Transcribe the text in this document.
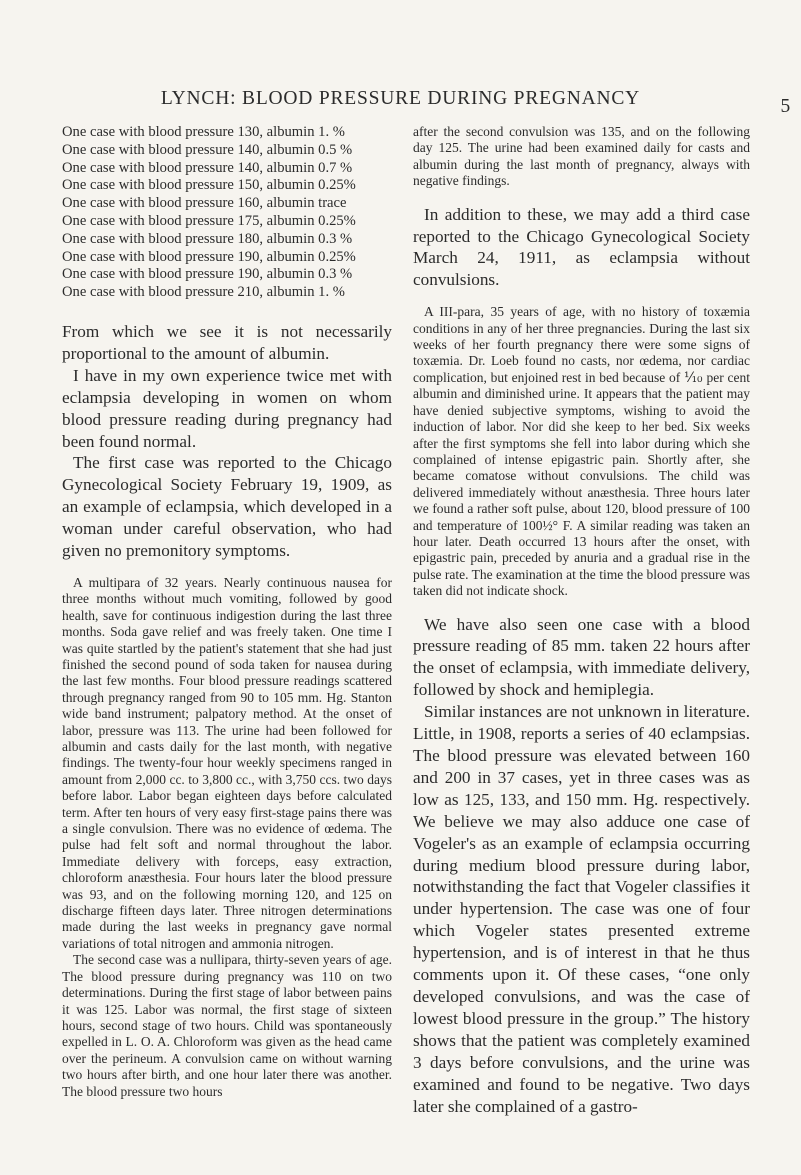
LYNCH: BLOOD PRESSURE DURING PREGNANCY	5
One case with blood pressure 130, albumin 1. %
One case with blood pressure 140, albumin 0.5 %
One case with blood pressure 140, albumin 0.7 %
One case with blood pressure 150, albumin 0.25%
One case with blood pressure 160, albumin trace
One case with blood pressure 175, albumin 0.25%
One case with blood pressure 180, albumin 0.3 %
One case with blood pressure 190, albumin 0.25%
One case with blood pressure 190, albumin 0.3 %
One case with blood pressure 210, albumin 1. %

From which we see it is not necessarily proportional to the amount of albumin.

I have in my own experience twice met with eclampsia developing in women on whom blood pressure reading during pregnancy had been found normal.

The first case was reported to the Chicago Gynecological Society February 19, 1909, as an example of eclampsia, which developed in a woman under careful observation, who had given no premonitory symptoms.

A multipara of 32 years. Nearly continuous nausea for three months without much vomiting, followed by good health, save for continuous indigestion during the last three months. Soda gave relief and was freely taken. One time I was quite startled by the patient's statement that she had just finished the second pound of soda taken for nausea during the last few months. Four blood pressure readings scattered through pregnancy ranged from 90 to 105 mm. Hg. Stanton wide band instrument; palpatory method. At the onset of labor, pressure was 113. The urine had been followed for albumin and casts daily for the last month, with negative findings. The twenty-four hour weekly specimens ranged in amount from 2,000 cc. to 3,800 cc., with 3,750 ccs. two days before labor. Labor began eighteen days before calculated term. After ten hours of very easy first-stage pains there was a single convulsion. There was no evidence of œdema. The pulse had felt soft and normal throughout the labor. Immediate delivery with forceps, easy extraction, chloroform anæsthesia. Four hours later the blood pressure was 93, and on the following morning 120, and 125 on discharge fifteen days later. Three nitrogen determinations made during the last weeks in pregnancy gave normal variations of total nitrogen and ammonia nitrogen.

The second case was a nullipara, thirty-seven years of age. The blood pressure during pregnancy was 110 on two determinations. During the first stage of labor between pains it was 125. Labor was normal, the first stage of sixteen hours, second stage of two hours. Child was spontaneously expelled in L. O. A. Chloroform was given as the head came over the perineum. A convulsion came on without warning two hours after birth, and one hour later there was another. The blood pressure two hours

after the second convulsion was 135, and on the following day 125. The urine had been examined daily for casts and albumin during the last month of pregnancy, always with negative findings.

In addition to these, we may add a third case reported to the Chicago Gynecological Society March 24, 1911, as eclampsia without convulsions.

A III-para, 35 years of age, with no history of toxæmia conditions in any of her three pregnancies. During the last six weeks of her fourth pregnancy there were some signs of toxæmia. Dr. Loeb found no casts, nor œdema, nor cardiac complication, but enjoined rest in bed because of ⅒ per cent albumin and diminished urine. It appears that the patient may have denied subjective symptoms, wishing to avoid the induction of labor. Nor did she keep to her bed. Six weeks after the first symptoms she fell into labor during which she complained of intense epigastric pain. Shortly after, she became comatose without convulsions. The child was delivered immediately without anæsthesia. Three hours later we found a rather soft pulse, about 120, blood pressure of 100 and temperature of 100½° F. A similar reading was taken an hour later. Death occurred 13 hours after the onset, with epigastric pain, preceded by anuria and a gradual rise in the pulse rate. The examination at the time the blood pressure was taken did not indicate shock.

We have also seen one case with a blood pressure reading of 85 mm. taken 22 hours after the onset of eclampsia, with immediate delivery, followed by shock and hemiplegia.

Similar instances are not unknown in literature. Little, in 1908, reports a series of 40 eclampsias. The blood pressure was elevated between 160 and 200 in 37 cases, yet in three cases was as low as 125, 133, and 150 mm. Hg. respectively. We believe we may also adduce one case of Vogeler's as an example of eclampsia occurring during medium blood pressure during labor, notwithstanding the fact that Vogeler classifies it under hypertension. The case was one of four which Vogeler states presented extreme hypertension, and is of interest in that he thus comments upon it. Of these cases, “one only developed convulsions, and was the case of lowest blood pressure in the group.” The history shows that the patient was completely examined 3 days before convulsions, and the urine was examined and found to be negative. Two days later she complained of a gastro-
